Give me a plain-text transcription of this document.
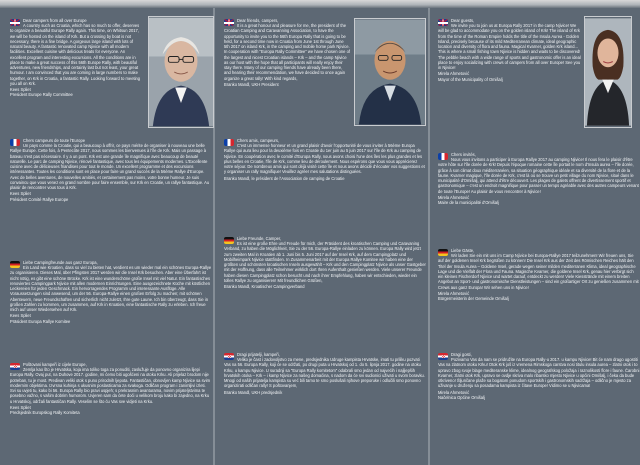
Dear campers from all over Europe

A country such as Croatia, which has so much to offer, deserves to organize a beautiful Europe Rally again. This time, on Whitsun 2017, we will be hosted on the island of Krk. But a crossing by boat is not necessary, there is a fine bridge. A gorgeous large island with lots of natural beauty. A fantastic renovated camp Njivice with all modern facilities. Excellent cuisine with delicious treats for everyone. An excellent program and interesting excursions. All the conditions are in place to make a great success of this 56th Europe Rally, with beautiful adventures, new friendships, and certainly last but not least, your great humour. I am convinced that you are coming in large numbers to make together, on Krk in Croatia, a fantastic Rally. Looking forward to meeting you all on Krk.

Kees Spliet

President Europe Rally Committee

Chers campeurs de toute l'Europe

Un pays comme la Croatie, qui a beaucoup à offrir, ce pays mérite de organiser à nouveau une belle Rallye Europe. Cette fois, à Pentecôte 2017, nous sommes les bienvenues à l'île de Krk. Mais un passage à bateau n'est pas nécessaire. Il y a un pont. Krk est une grande île magnifique avec beaucoup de beauté naturelle. Le parc de camping Njivice, rénové fantastique, avec tous les équipements modernes. L'Excellente cuisine avec de délicieuses friandises pour tout le monde. Un excellent programme et des excursions intéressantes. Toutes les conditions sont en place pour faire un grand succès de la 56ème Rallye d'Europe. Avec de belles aventures, de nouvelles amitiés, et certainement pas moins, votre bonne humeur. Je suis convaincu que vous venez en grand nombre pour faire ensemble, sur Krk en Croatie, un rallye fantastique. Au plaisir de rencontrer vous tous à Krk.

Kees Spliet

Président Comité Rallye Europe

Liebe Campingfreunde aus ganz Europa,

Ein Land wie Kroatien, dass so viel zu bieten hat, verdient es um wieder mal ein schönes Europa-Rallye zu organisieren. Dieses Mal, über Pfingsten 2017 werden wir die Insel Krk besuchen. Aber eine Überfahrt ist nicht nötig, es gibt eine schöne Brücke. Krk ist eine wunderschöne große Insel mit viel Natur. Ein fantastisches renoviertes Campingpark Njivice mit allen modernen Einrichtungen. Eine ausgezeichnete Küche mit köstlichen Leckereien für jeden Geschmack. Ein hervorragendes Programm und interessante Ausflüge. Alle Voraussetzungen sind anwesend, um der 56. Europa-Rallye einen großen Erfolg zu machen; mit schönen Abenteuern, neue Freundschaften und sicherlich nicht zuletzt, Ihre gute Laune. Ich bin überzeugt, dass Sie in großen Zahlen zu kommen, um zusammen, auf Krk in Kroatien, eine fantastische Rally zu erleben. Ich freue mich auf unser Wiedersehen auf Krk.

Kees Spliet

Präsident Europa Rallye Komitee

Poštovani kampeři iz cijele Europe,

Zemlja kao što je Hrvatska, koja ima toliko toga za ponuditi, zaslužuje da ponovno organizira lijepi Europa Rally. Ovaj put, na Duhove 2017. godine, mi ćemo biti ugošćeni na otoku Krku. Ali prijelaz brodom nije potreban, tu je most. Predivan veliki otok s puno prirodnih ljepota. Fantastičan, obnovljen kamp Njivice sa svim modernim objektima. Izvrsna kuhinja s ukusnim poslasticama za svakoga. Odličan program i zanimljivi izleti. Svi su uvjeti tu, kako bi 56. Europa Rally bio pravi uspjeh; s prekrasnim avanturama, novim prijateljstvima te posebno važno, s vašim dobrim humorom. Uvjeren sam da ćete doći u velikom broju kako bi zajedno, na Krku u Hrvatskoj, održali fantastičan Rally. Veselim se što ću Vas sve vidjeti na Krku.

Kees Spliet

Predsjednik Europskog Rally Komiteta

Dear friends, campers,

It is a great honour and pleasure for me, the president of the Croatian Camping and Caravanning Association, to have the opportunity to invite you to the 56th Europa Rally that is going to be held, for a second time now in Croatia from June 1st through June 5th 2017 on island Krk, in the camping and mobile home park Njivice. In cooperation with "Europa Rally Committee" we have chosen one of the largest and nicest Croatian islands – Krk – and the camp Njivice as our host with the hope that all participants will really enjoy their stay there. Many of our camping friends have already been there, and hearing their recommendation, we have decided to once again organize a great rally! With kind regards,

Branko Mandl, UKH President

Chers amis, campeurs,

C'est un immense honneur et un grand plaisir d'avoir l'opportunité de vous inviter à 56ème Europa Rallye qui aura lieu pour la deuxième fois en Croatie du 1er juin au 5 juin 2017 sur l'île de Krk au camping de Njivice. En coopération avec le comité d'Europa Rally, nous avons choisi l'une des îles les plus grandes et les plus belles en Croatie, l'île de Krk, comme lieu de déroulement. Nous espérons que vous vous apprécierez votre séjour. De nombreux amis qui sont déjà visité cette île et nous avons décidé d'écouter vos suggestions et y organiser un rally magnifique! Veuillez agréer mes salutations distinguées.

Branko Mandl, le président de l'Association de camping de Croatie

Liebe Freunde, Camper,

Es ist eine große Ehre und Freude für mich, der Präsident des kroatischen Camping und Caravaning Verband, zu haben die Möglichkeit, Sie zu der 56. Europa-Rallye einladen zu können. Europa Rally wird jetzt zum zweiten Mal in Kroatien ab 1. Juni bis 5. Juni 2017 auf der Insel Krk, auf dem Campingplatz und Mobilheimpark Njivice stattfinden. In Zusammenarbeit mit der Europa Rallye Komitee wir haben eine der größten und schönsten kroatischen Inseln ausgewählt – Krk und den Campingplatz Njivice als unser Gastgeber mit der Hoffnung, dass alle Teilnehmer wirklich dort Ihren Aufenthalt genießen werden. Viele unserer Freunde haben diesen Campingplatz schon besucht und nach ihrer Empfehlung, haben wir entschieden, wieder ein tolles Rallye zu organisieren! Mit freundlichen Grüßen,

Branko Mandl, Kroatischer Campingverband

Dragi prijatelji, kampeři,

Veliko je čast i zadovoljstvo za mene, predsjednika Udruge kampista Hrvatske, imati tu priliku pozvati Vas na 56. Europa Rally, koji će se održati, po drugi puta u Hrvatskoj od 1. do 5. lipnja 2017. godine na otoku Krku, u kampu Njivice. U suradnji sa "Europa Rally komitetom" odabrali smo jedan od najvećih i najljepših hrvatskih otoka – Krk – i kamp Njivice za našeg domaćina, s nadom da će svi sudionici uživati u svom boravku. Mnogi od naših prijatelja kampista su već bili tamo te smo poslušali njihove preporuke i odlučili smo ponovno organizirati odličan rally! S poštovanjem,

Branko Mandl, UKH predsjednik

Dear guests,

We invite you to join us at Europa Rally 2017 in the camp Njivice! We will be glad to accommodate you on the golden island of Krk! The island of Krk from the time of the Roman Empire holds the title of the Insula Aurea - Golden Island, precisely because of its mild Mediterranean climate, ideal geographic location and diversity of flora and fauna. Magical Kvarner, golden Krk island... This is where a small fishing town Njivice is hidden and waits to be discovered! The pebble beach with a wide range of sports and gastronomic offer is an ideal place to enjoy socializing with crews of campers from all over Europe! See you in Njivice!

Mirela Ahmetović

Mayor of the Municipality of Omišalj

Chers invités,

Nous vous invitons a participer à Europa Rallye 2017 au camping Njivice! Il nous fera le plaisir d'être votre hôte sur l'île dorée de Krk! Depuis l'époque romaine cette île portait le nom d'Insula aurea – l'île dorée, grâce à son climat doux méditerranéen, sa situation géographique idéale et sa diversité de la flore et de la faune. Kvarner magique, l'île dorée de Krk, c'est là où se trouve un petit village du nom Njivice, situé dans le municipalité d'Omišalj, qui attend d'être découvert. Les plages de galets offrent de divertissement sportif et gastronomique – c'est un endroit magnifique pour passer un temps agréable avec des autres campeurs venant de toute l'Europe! Au plaisir de vous rencontrer à Njivice!

Mirela Ahmetović

Maire de la municipalité d'Omišalj

Liebe Gäste,

Wir laden Sie ein mit uns im Camp Njivice bei Europa-Rallye 2017 teilzunehmen! Wir freuen uns, Sie auf der goldenen Insel Krk begrüßen zu können! Die Insel Krk aus der Zeit des Römischen Reiches hält den Titel der Insula Aurea – Goldene Insel, gerade wegen seiner milden mediterranen Klima, ideal geographische Lage und die Vielfalt der Flora und Fauna. Magische Kvarner, die goldene Insel Krk, genau hier verbirgt sich ein kleines Fischerdorf Njivice und wartet darauf, entdeckt zu werden! Viele Kiesstrände mit einem breiten Angebot an Sport- und gastronomische Dienstleistungen – sind ein großartiger Ort zu genießen zusammen mit Crews aus ganz Europa! Wir sehen uns in Njivice!

Mirela Ahmetović

Bürgermeisterin der Gemeinde Omišalj

Dragi gosti,

Pozivamo Vas da nam se pridružite na Europa Rally-u 2017. u kampu Njivice! Bit će nam drago ugostiti Vas na zlatnom otoku Krku! Otok Krk još iz vremena Rimskoga carstva nosi titulu insula aurea – zlatni otok i to upravo zbog svoje blage mediteranske klime, idealnog geografskog položaja i raznolikosti flore i faune. Čarobni Kvarner, zlatni otok Krk, upravo se ovdje skriva malo ribarsko mjesto Njivice u općini Omišalj, i čeka da bude otkriveno! Šljunčane plaže sa bogatom ponudom sportskih i gastronomskih sadržaja – odlično je mjesto za uživanje u druženju sa posadama kampista iz čitave Europe! Vidimo se u Njivicama!

Mirela Ahmetović

Načelnica Općine Omišalj
